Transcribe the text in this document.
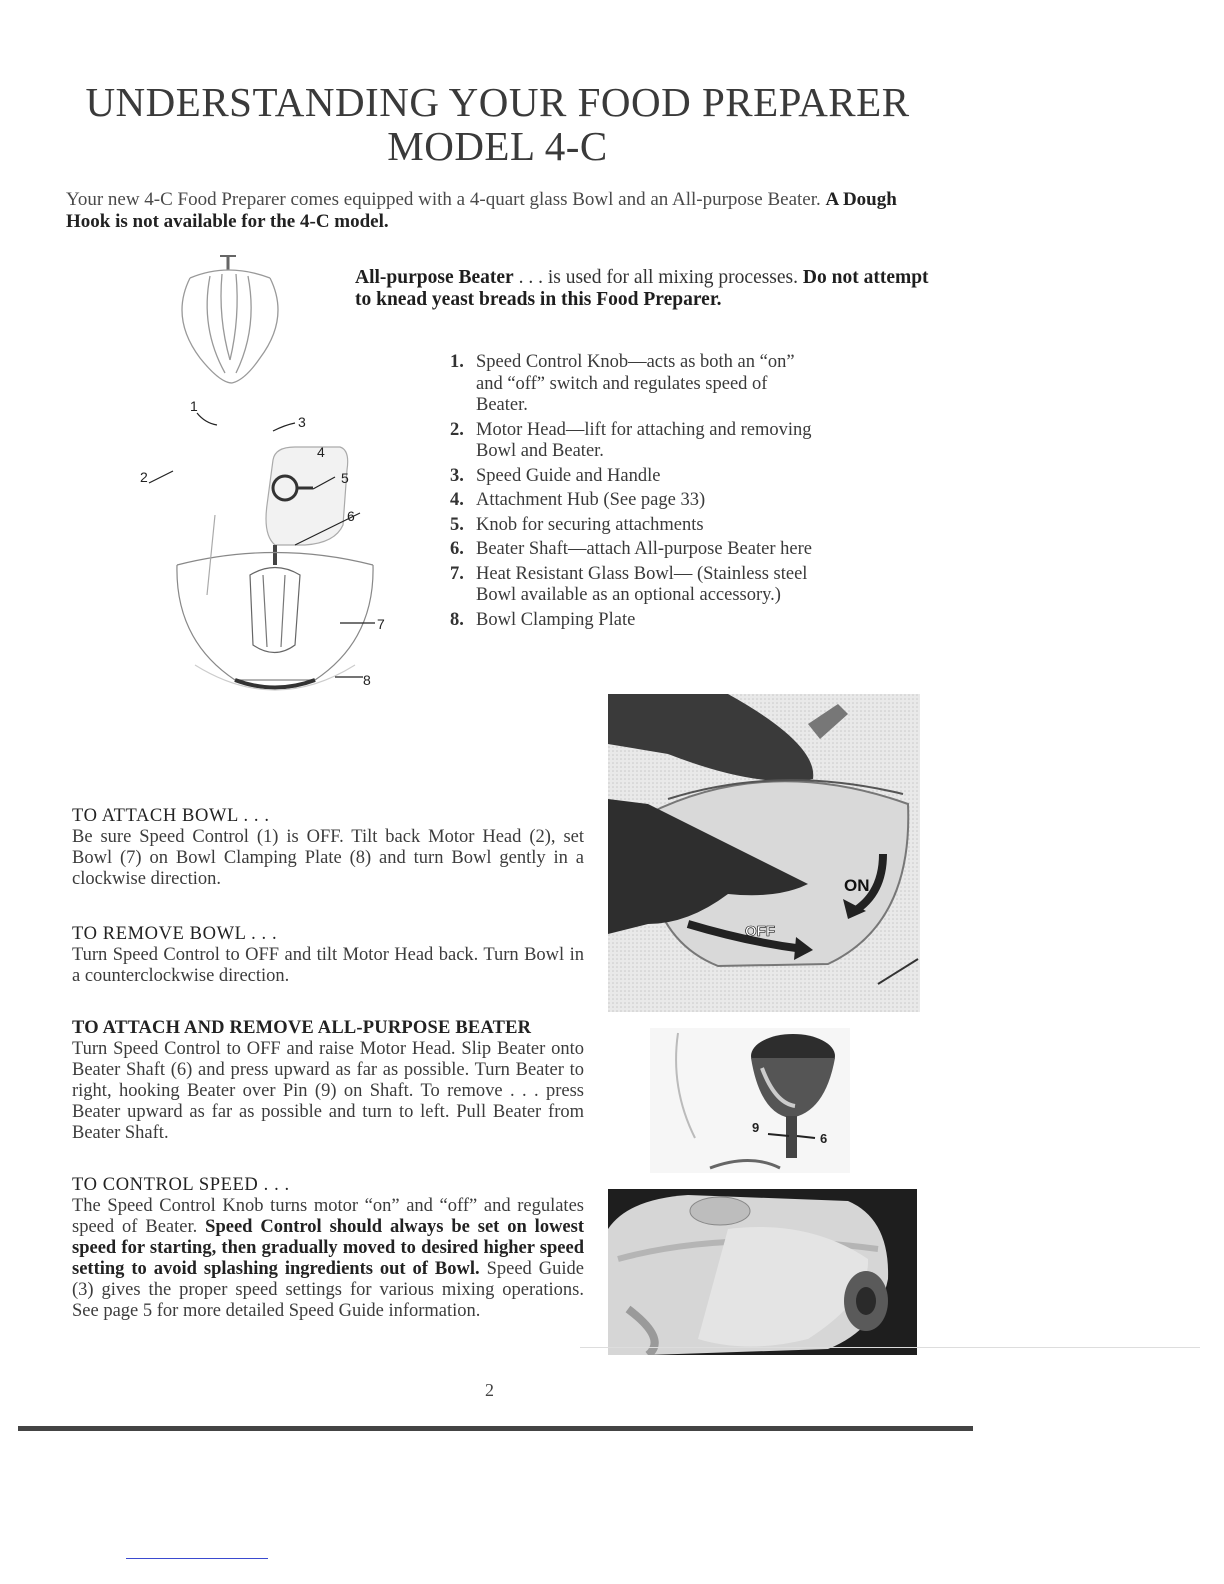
UNDERSTANDING YOUR FOOD PREPARER
MODEL 4-C
Your new 4-C Food Preparer comes equipped with a 4-quart glass Bowl and an All-purpose Beater. A Dough Hook is not available for the 4-C model.
1
2
3
4
5
6
7
8
All-purpose Beater . . . is used for all mixing processes. Do not attempt to knead yeast breads in this Food Preparer.
1. Speed Control Knob—acts as both an “on” and “off” switch and regulates speed of Beater.
2. Motor Head—lift for attaching and removing Bowl and Beater.
3. Speed Guide and Handle
4. Attachment Hub (See page 33)
5. Knob for securing attachments
6. Beater Shaft—attach All-purpose Beater here
7. Heat Resistant Glass Bowl— (Stainless steel Bowl available as an optional accessory.)
8. Bowl Clamping Plate
ON
OFF
9
6
TO ATTACH BOWL . . .

Be sure Speed Control (1) is OFF. Tilt back Motor Head (2), set Bowl (7) on Bowl Clamping Plate (8) and turn Bowl gently in a clockwise direction.

TO REMOVE BOWL . . .

Turn Speed Control to OFF and tilt Motor Head back. Turn Bowl in a counterclockwise direction.

TO ATTACH AND REMOVE ALL-PURPOSE BEATER

Turn Speed Control to OFF and raise Motor Head. Slip Beater onto Beater Shaft (6) and press upward as far as possible. Turn Beater to right, hooking Beater over Pin (9) on Shaft. To remove . . . press Beater upward as far as possible and turn to left. Pull Beater from Beater Shaft.

TO CONTROL SPEED . . .

The Speed Control Knob turns motor “on” and “off” and regulates speed of Beater. Speed Control should always be set on lowest speed for starting, then gradually moved to desired higher speed setting to avoid splashing ingredients out of Bowl. Speed Guide (3) gives the proper speed settings for various mixing operations. See page 5 for more detailed Speed Guide information.

2
